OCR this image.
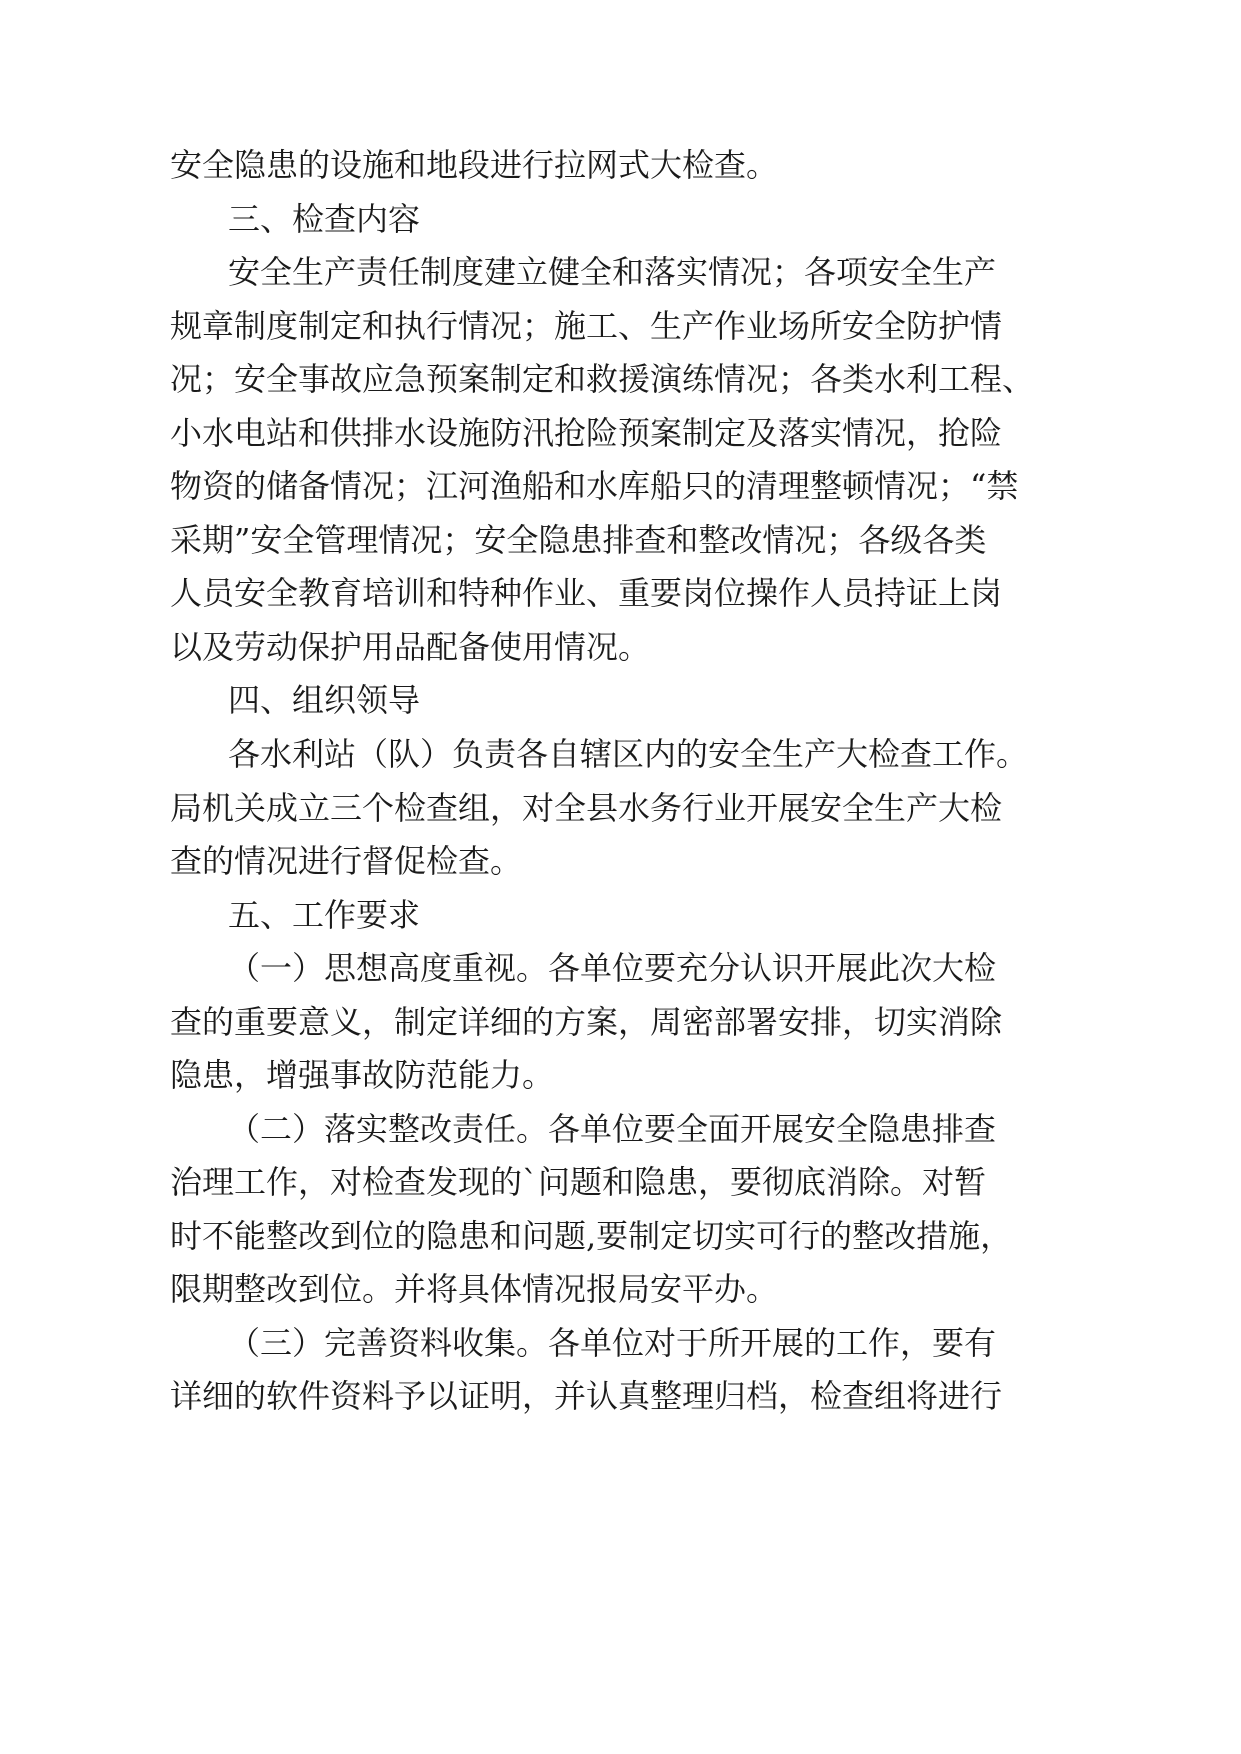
安全隐患的设施和地段进行拉网式大检查。
三、检查内容
安全生产责任制度建立健全和落实情况；各项安全生产
规章制度制定和执行情况；施工、生产作业场所安全防护情
况；安全事故应急预案制定和救援演练情况；各类水利工程、
小水电站和供排水设施防汛抢险预案制定及落实情况，抢险
物资的储备情况；江河渔船和水库船只的清理整顿情况；“禁
采期”安全管理情况；安全隐患排查和整改情况；各级各类
人员安全教育培训和特种作业、重要岗位操作人员持证上岗
以及劳动保护用品配备使用情况。
四、组织领导
各水利站（队）负责各自辖区内的安全生产大检查工作。
局机关成立三个检查组，对全县水务行业开展安全生产大检
查的情况进行督促检查。
五、工作要求
（一）思想高度重视。各单位要充分认识开展此次大检
查的重要意义，制定详细的方案，周密部署安排，切实消除
隐患，增强事故防范能力。
（二）落实整改责任。各单位要全面开展安全隐患排查
治理工作，对检查发现的`问题和隐患，要彻底消除。对暂
时不能整改到位的隐患和问题,要制定切实可行的整改措施，
限期整改到位。并将具体情况报局安平办。
（三）完善资料收集。各单位对于所开展的工作，要有
详细的软件资料予以证明，并认真整理归档，检查组将进行
